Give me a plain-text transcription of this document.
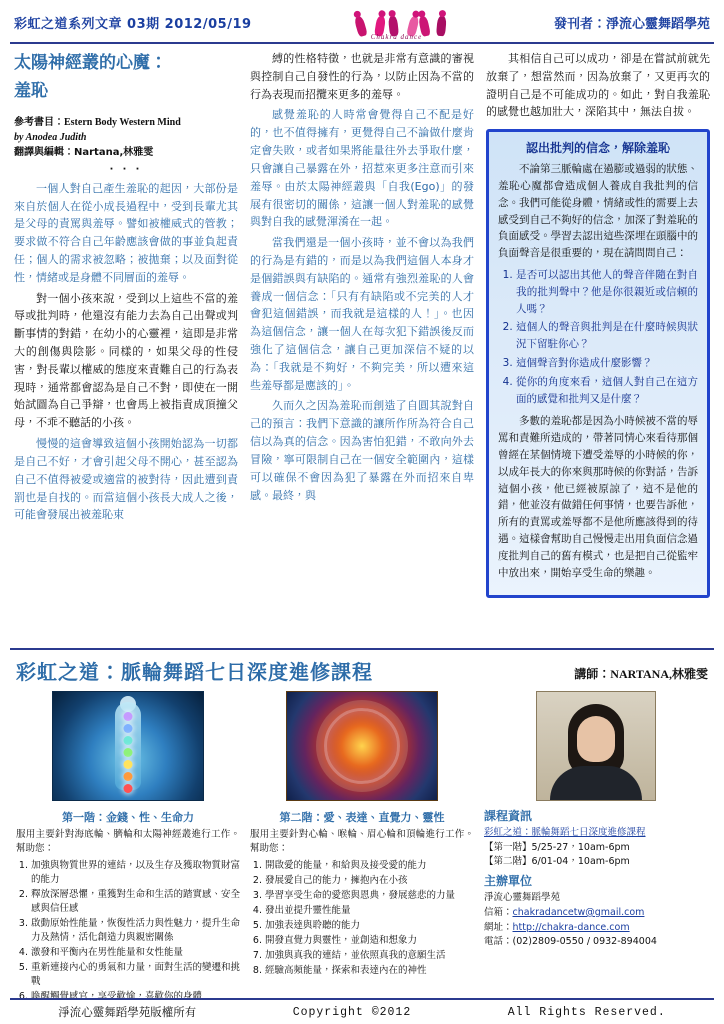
彩虹之道系列文章 03期 2012/05/19
Chakra dance
發刊者：淨流心靈舞蹈學苑
太陽神經叢的心魔：
羞恥
參考書目：Estern Body Western Mind
by Anodea Judith
翻譯與編輯：Nartana,林雅雯
‧ ‧ ‧

一個人對自己產生羞恥的起因，大部份是來自於個人在從小成長過程中，受到長輩尤其是父母的責罵與羞辱。譬如被權威式的管教；要求做不符合自己年齡應該會做的事並負起責任；個人的需求被忽略；被拋棄；以及面對從性，情緒或是身體不同層面的羞辱。

對一個小孩來說，受到以上這些不當的羞辱或批判時，他還沒有能力去為自己出聲或判斷事情的對錯，在幼小的心靈裡，這即是非常大的創傷與陰影。同樣的，如果父母的性侵害，對長輩以權威的態度來責難自己的行為表現時，通常都會認為是自己不對，即使在一開始試圖為自己爭辯，也會馬上被指責成頂撞父母，不乖不聽話的小孩。

慢慢的這會導致這個小孩開始認為一切都是自己不好，才會引起父母不開心，甚至認為自己不值得被愛或適當的被對待，因此遭到責罰也是自找的。而當這個小孩長大成人之後，可能會發展出被羞恥束

縛的性格特徵，也就是非常有意識的審視與控制自己自發性的行為，以防止因為不當的行為表現而招攬來更多的羞辱。

感覺羞恥的人時常會覺得自己不配是好的，也不值得擁有，更覺得自己不論做什麼肯定會失敗，或者如果將能量往外去爭取什麼，只會讓自己暴露在外，招惹來更多注意而引來羞辱。由於太陽神經叢與「自我(Ego)」的發展有很密切的關係，這讓一個人對羞恥的感覺與對自我的感覺渾淆在一起。

當我們還是一個小孩時，並不會以為我們的行為是有錯的，而是以為我們這個人本身才是個錯誤與有缺陷的。通常有強烈羞恥的人會養成一個信念：「只有有缺陷或不完美的人才會犯這個錯誤，而我就是這樣的人！」。也因為這個信念，讓一個人在每次犯下錯誤後反而強化了這個信念，讓自己更加深信不疑的以為：「我就是不夠好，不夠完美，所以遭來這些羞辱都是應該的」。

久而久之因為羞恥而創造了自圓其說對自己的預言：我們下意識的讓所作所為符合自己信以為真的信念。因為害怕犯錯，不敢向外去冒險，寧可限制自己在一個安全範圍內，這樣可以確保不會因為犯了暴露在外而招來自卑感。最終，與

其相信自己可以成功，卻是在嘗試前就先放棄了，想當然而，因為放棄了，又更再次的證明自己是不可能成功的。如此，對自我羞恥的感覺也越加壯大，深陷其中，無法自拔。

認出批判的信念，解除羞恥

不論第三脈輪處在過膨或過弱的狀態、羞恥心魔都會造成個人養成自我批判的信念。我們可能從身體，情緒或性的需要上去感受到自己不夠好的信念，加深了對羞恥的負面感受。學習去認出這些深埋在頭腦中的負面聲音是很重要的，現在請問問自己：

1. 是否可以認出其他人的聲音伴隨在對自我的批判聲中？他是你很親近或信賴的人嗎？
2. 這個人的聲音與批判是在什麼時候與狀況下留駐你心？
3. 這個聲音對你造成什麼影響？
4. 從你的角度來看，這個人對自己在這方面的感覺和批判又是什麼？

多數的羞恥都是因為小時候被不當的辱罵和責難所造成的，帶著同情心來看待那個曾經在某個情境下遭受羞辱的小時候的你，以成年長大的你來與那時候的你對話，告訴這個小孩，他已經被原諒了，這不是他的錯，他並沒有做錯任何事情，也要告訴他，所有的責罵或羞辱都不是他所應該得到的待遇。這樣會幫助自己慢慢走出用負面信念過度批判自己的舊有模式，也是把自己從監牢中放出來，開始享受生命的樂趣。

彩虹之道：脈輪舞蹈七日深度進修課程	講師：NARTANA,林雅雯
第一階：金錢、性、生命力

服用主要針對海底輪、臍輪和太陽神經叢進行工作。幫助您：

1. 加強與物質世界的連結，以及生存及獲取物質財富的能力
2. 釋放深層恐懼，重獲對生命和生活的踏實感、安全感與信任感
3. 啟動原始性能量，恢復性活力與性魅力，提升生命力及熱情，活化創造力與親密關係
4. 激發和平衡內在男性能量和女性能量
5. 重新連接內心的勇氣和力量，面對生活的變遷和挑戰
6. 喚醒觸覺感官，享受歡愉，喜歡你的身體
第二階：愛、表達、直覺力、靈性

服用主要針對心輪、喉輪、眉心輪和頂輪進行工作。幫助您：

1. 開啟愛的能量，和給與及接受愛的能力
2. 發展愛自己的能力，擁抱內在小孩
3. 學習享受生命的愛慾與恩典，發展慈悲的力量
4. 發出並提升靈性能量
5. 加強表達與聆聽的能力
6. 開發直覺力與靈性，並創造和想象力
7. 加強與真我的連結，並依照真我的意願生活
8. 經驗高頻能量，探索和表達內在的神性
課程資訊
彩虹之道：脈輪舞蹈七日深度進修課程
【第一階】5/25-27，10am-6pm
【第二階】6/01-04，10am-6pm
主辦單位
淨流心靈舞蹈學苑
信箱：chakradancetw@gmail.com
網址：http://chakra-dance.com
電話：(02)2809-0550 / 0932-894004
淨流心靈舞蹈學苑版權所有	Copyright ©2012	All Rights Reserved.
